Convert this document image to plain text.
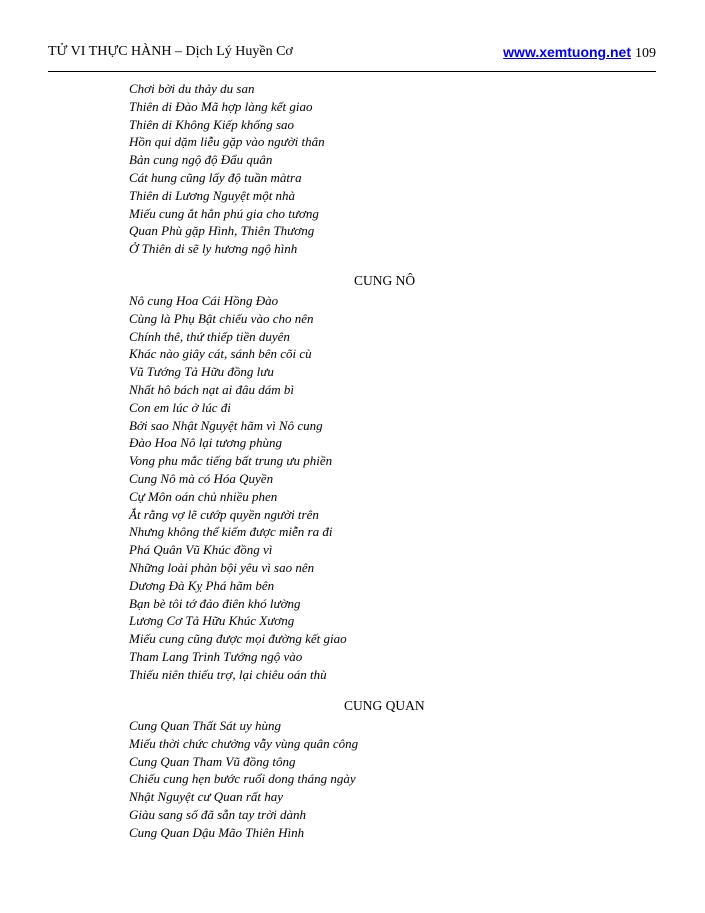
TỬ VI THỰC HÀNH – Dịch Lý Huyền Cơ	www.xemtuong.net 109
Chơi bời du thảy du san
Thiên di Đào Mã hợp làng kết giao
Thiên di Không Kiếp khống sao
Hồn qui dặm liễu gặp vào người thân
Bản cung ngộ độ Đẩu quân
Cát hung cũng lấy độ tuần màtra
Thiên di Lương Nguyệt một nhà
Miếu cung ắt hẳn phú gia cho tương
Quan Phù gặp Hình, Thiên Thương
Ở Thiên di sẽ ly hương ngộ hình
CUNG NÔ
Nô cung Hoa Cái Hồng Đào
Cùng là Phụ Bật chiếu vào cho nên
Chính thê, thứ thiếp tiền duyên
Khác nào giây cát, sánh bên cõi cù
Vũ Tướng Tả Hữu đồng lưu
Nhất hô bách nạt ai đâu dám bì
Con em lúc ở lúc đi
Bởi sao Nhật Nguyệt hãm vì Nô cung
Đào Hoa Nô lại tương phùng
Vong phu mắc tiếng bất trung ưu phiền
Cung Nô mà có Hóa Quyền
Cự Môn oán chủ nhiều phen
Ắt rằng vợ lẽ cướp quyền người trên
Nhưng không thể kiếm được miễn ra đi
Phá Quân Vũ Khúc đồng vì
Những loài phản bội yêu vì sao nên
Dương Đà Kỵ Phá hãm bên
Bạn bè tôi tớ đảo điên khó lường
Lương Cơ Tả Hữu Khúc Xương
Miếu cung cũng được mọi đường kết giao
Tham Lang Trinh Tướng ngộ vào
Thiếu niên thiếu trợ, lại chiêu oán thù
CUNG QUAN
Cung Quan Thất Sát uy hùng
Miếu thời chức chưởng vẫy vùng quân công
Cung Quan Tham Vũ đồng tông
Chiếu cung hẹn bước ruổi dong tháng ngày
Nhật Nguyệt cư Quan rất hay
Giàu sang số đã sẵn tay trời dành
Cung Quan Dậu Mão Thiên Hình
